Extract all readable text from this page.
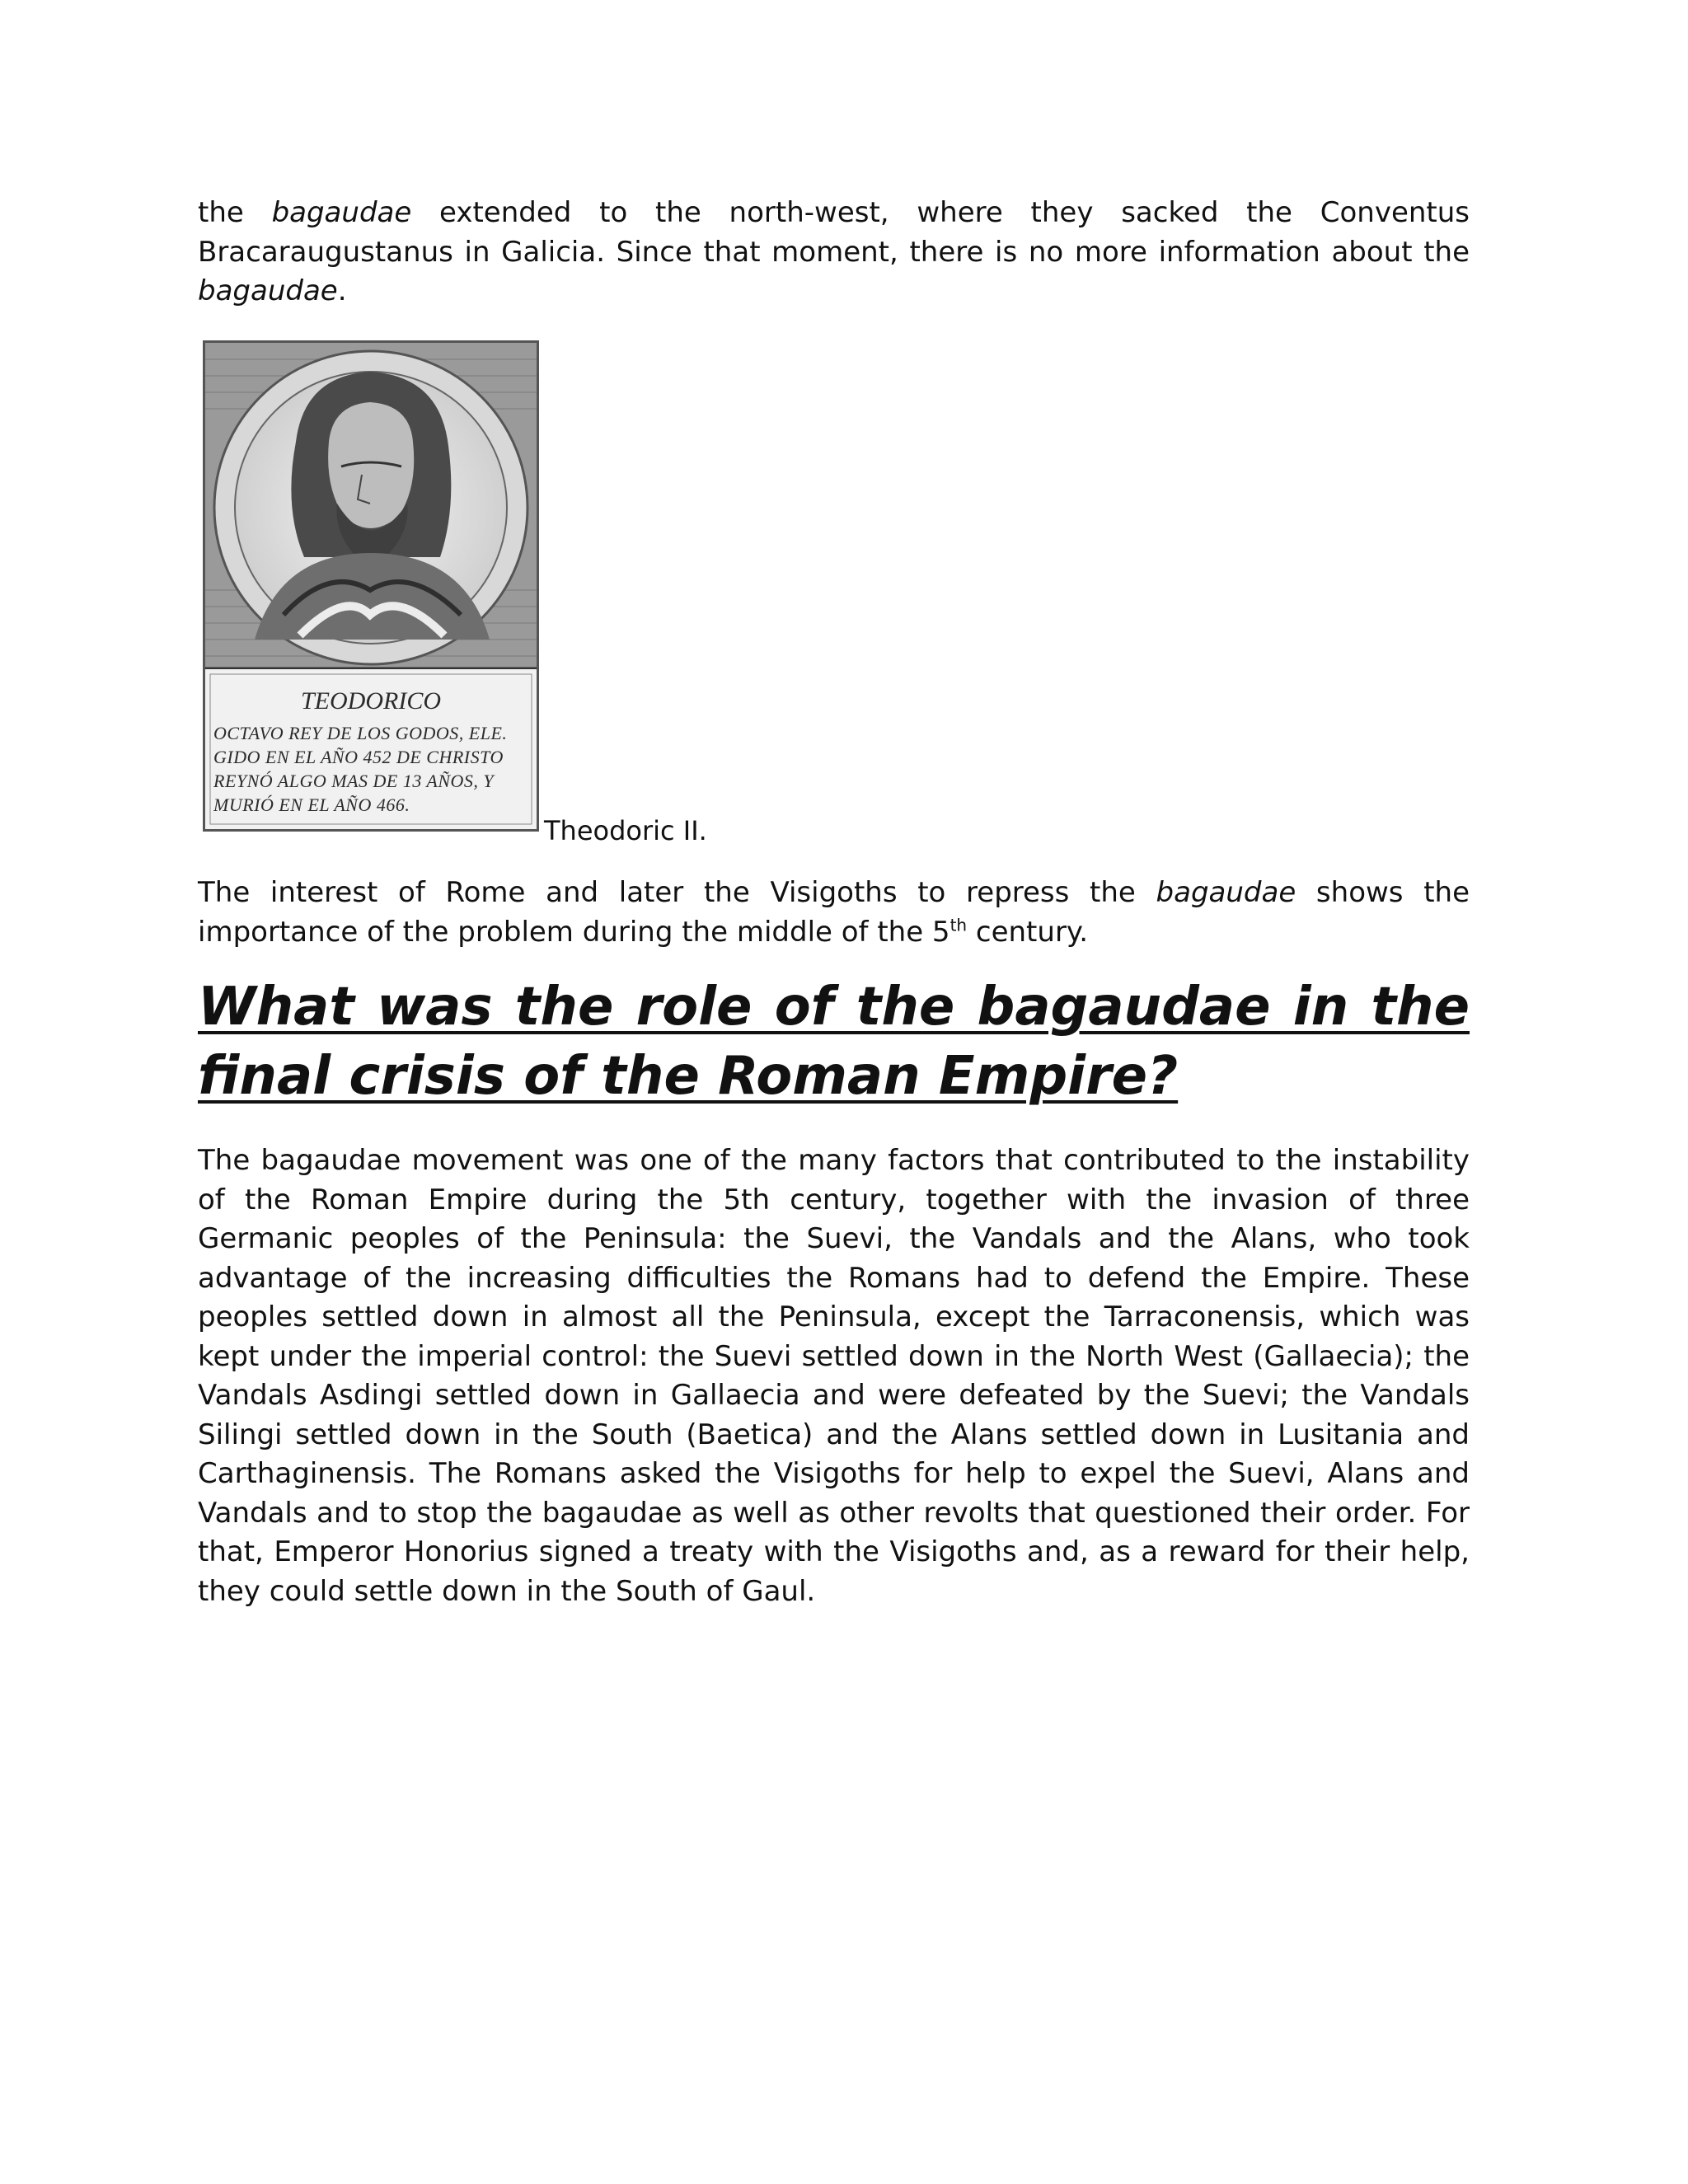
the bagaudae extended to the north-west, where they sacked the Conventus Bracaraugustanus in Galicia. Since that moment, there is no more information about the bagaudae.

TEODORICO
OCTAVO REY DE LOS GODOS, ELE.
GIDO EN EL AÑO 452 DE CHRISTO
REYNÓ ALGO MAS DE 13 AÑOS, Y
MURIÓ EN EL AÑO 466.
Theodoric II.

The interest of Rome and later the Visigoths to repress the bagaudae shows the importance of the problem during the middle of the 5th century.

What was the role of the bagaudae in the final crisis of the Roman Empire?

The bagaudae movement was one of the many factors that contributed to the instability of the Roman Empire during the 5th century, together with the invasion of three Germanic peoples of the Peninsula: the Suevi, the Vandals and the Alans, who took advantage of the increasing difficulties the Romans had to defend the Empire. These peoples settled down in almost all the Peninsula, except the Tarraconensis, which was kept under the imperial control: the Suevi settled down in the North West (Gallaecia); the Vandals Asdingi settled down in Gallaecia and were defeated by the Suevi; the Vandals Silingi settled down in the South (Baetica) and the Alans settled down in Lusitania and Carthaginensis. The Romans asked the Visigoths for help to expel the Suevi, Alans and Vandals and to stop the bagaudae as well as other revolts that questioned their order. For that, Emperor Honorius signed a treaty with the Visigoths and, as a reward for their help, they could settle down in the South of Gaul.
